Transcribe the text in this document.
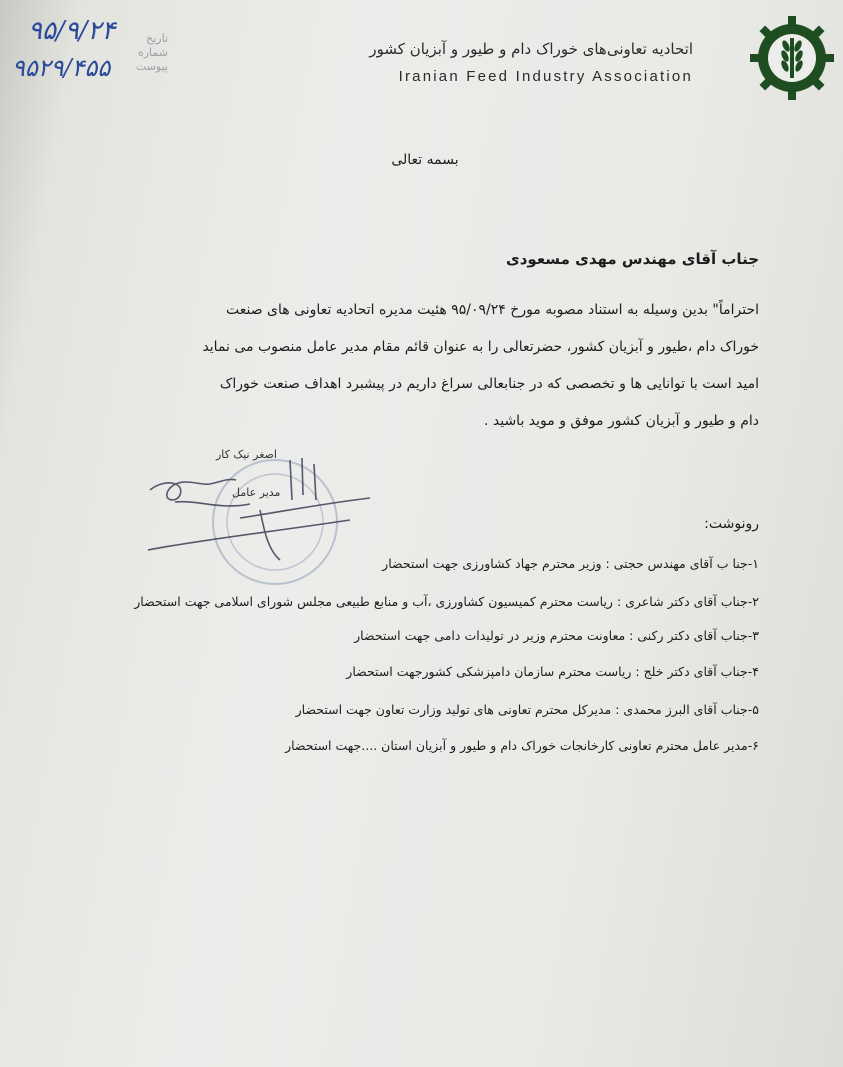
اتحادیه تعاونی‌های خوراک دام و طیور و آبزیان کشور
Iranian Feed Industry Association
تاریخ
شماره
پیوست
۹۵/۹/۲۴
۹۵۲۹/۴۵۵
بسمه تعالی
جناب آقای مهندس مهدی مسعودی
احتراماً" بدین وسیله به استناد مصوبه مورخ ۹۵/۰۹/۲۴ هئیت مدیره اتحادیه تعاونی های صنعت
خوراک دام ،طیور و آبزیان کشور، حضرتعالی را به عنوان قائم مقام مدیر عامل منصوب می نماید
امید است با توانایی ها و تخصصی که در جنابعالی سراغ داریم در پیشبرد اهداف صنعت خوراک
دام و طیور و آبزیان کشور موفق و موید باشید .
اصغر نیک کار
مدیر عامل
رونوشت:
۱-جنا ب آقای مهندس حجتی : وزیر محترم جهاد کشاورزی جهت استحضار
۲-جناب آقای دکتر شاعری : ریاست محترم کمیسیون کشاورزی ،آب و منابع طبیعی مجلس شورای اسلامی جهت استحضار
۳-جناب آقای دکتر رکنی : معاونت محترم وزیر در تولیدات دامی جهت استحضار
۴-جناب آقای دکتر خلج : ریاست محترم سازمان دامپزشکی کشورجهت استحضار
۵-جناب آقای البرز محمدی : مدیرکل محترم تعاونی های تولید وزارت تعاون جهت استحضار
۶-مدیر عامل محترم تعاونی کارخانجات خوراک دام و طیور و آبزیان استان ....جهت استحضار
